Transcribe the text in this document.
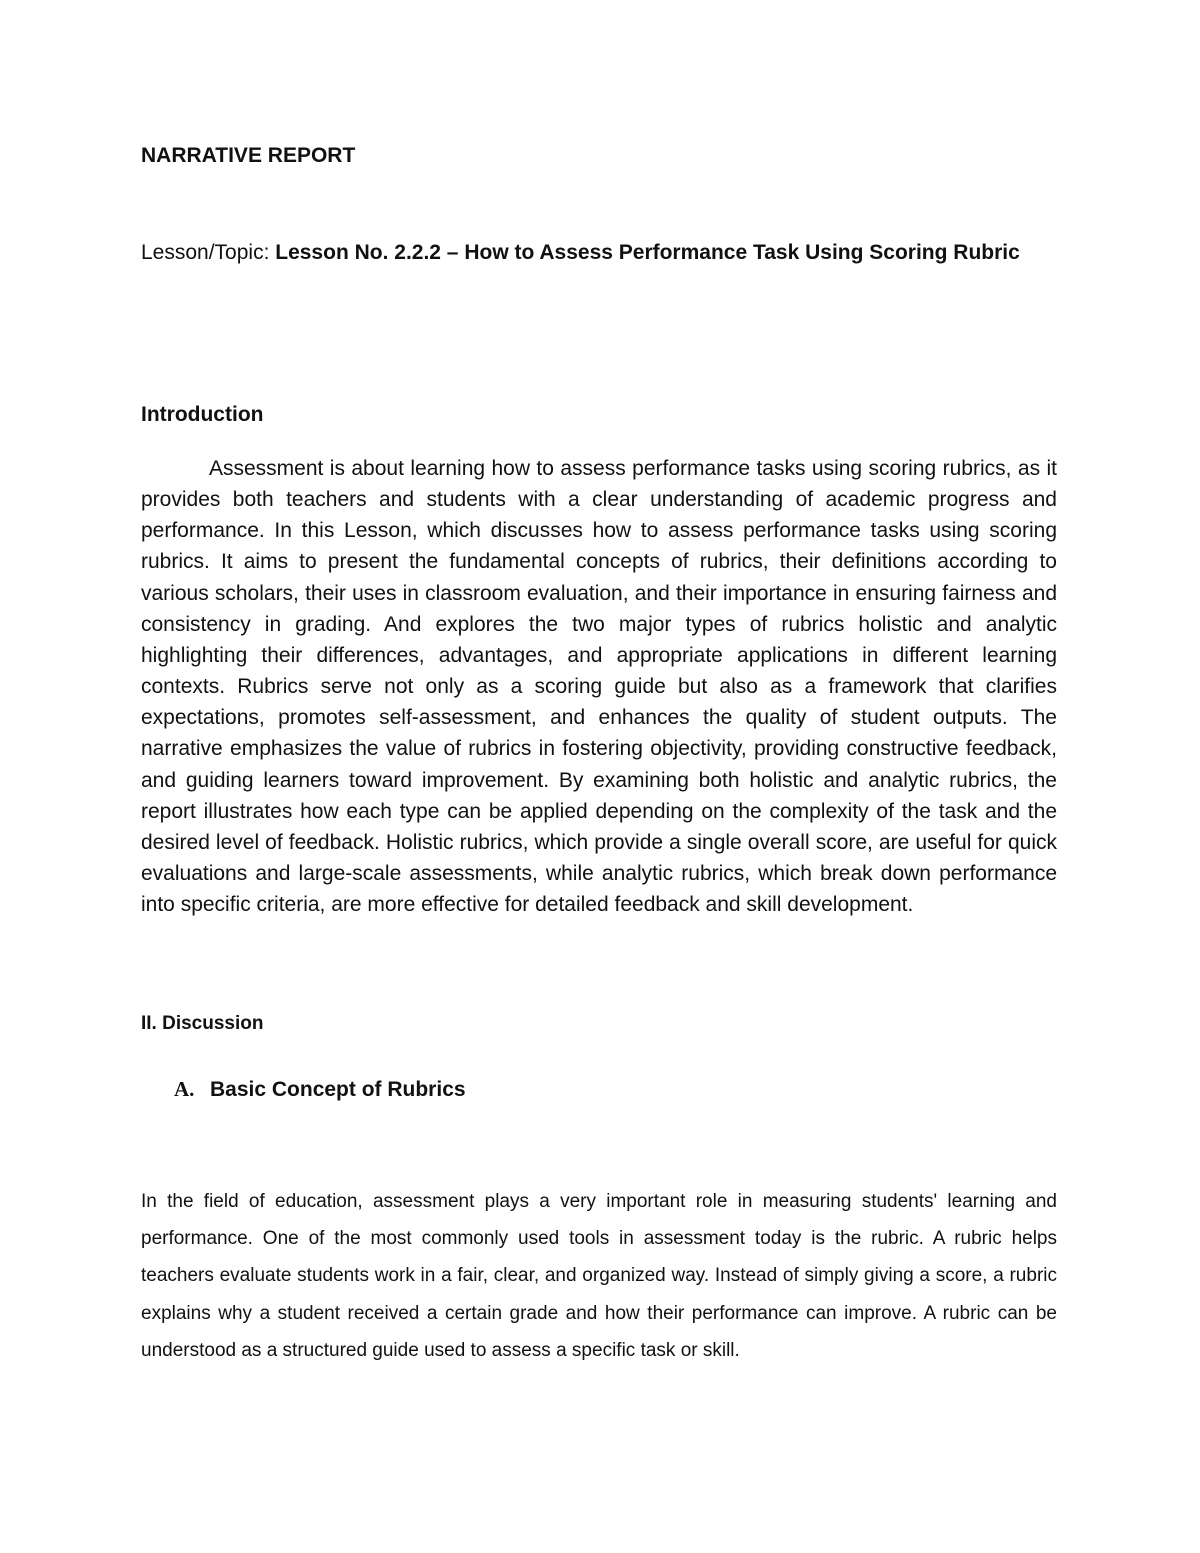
NARRATIVE REPORT

Lesson/Topic: Lesson No. 2.2.2 – How to Assess Performance Task Using Scoring Rubric

Introduction

Assessment is about learning how to assess performance tasks using scoring rubrics, as it provides both teachers and students with a clear understanding of academic progress and performance. In this Lesson, which discusses how to assess performance tasks using scoring rubrics. It aims to present the fundamental concepts of rubrics, their definitions according to various scholars, their uses in classroom evaluation, and their importance in ensuring fairness and consistency in grading. And explores the two major types of rubrics holistic and analytic highlighting their differences, advantages, and appropriate applications in different learning contexts. Rubrics serve not only as a scoring guide but also as a framework that clarifies expectations, promotes self-assessment, and enhances the quality of student outputs. The narrative emphasizes the value of rubrics in fostering objectivity, providing constructive feedback, and guiding learners toward improvement. By examining both holistic and analytic rubrics, the report illustrates how each type can be applied depending on the complexity of the task and the desired level of feedback. Holistic rubrics, which provide a single overall score, are useful for quick evaluations and large-scale assessments, while analytic rubrics, which break down performance into specific criteria, are more effective for detailed feedback and skill development.

II. Discussion
A. Basic Concept of Rubrics

In the field of education, assessment plays a very important role in measuring students' learning and performance. One of the most commonly used tools in assessment today is the rubric. A rubric helps teachers evaluate students work in a fair, clear, and organized way. Instead of simply giving a score, a rubric explains why a student received a certain grade and how their performance can improve. A rubric can be understood as a structured guide used to assess a specific task or skill.
